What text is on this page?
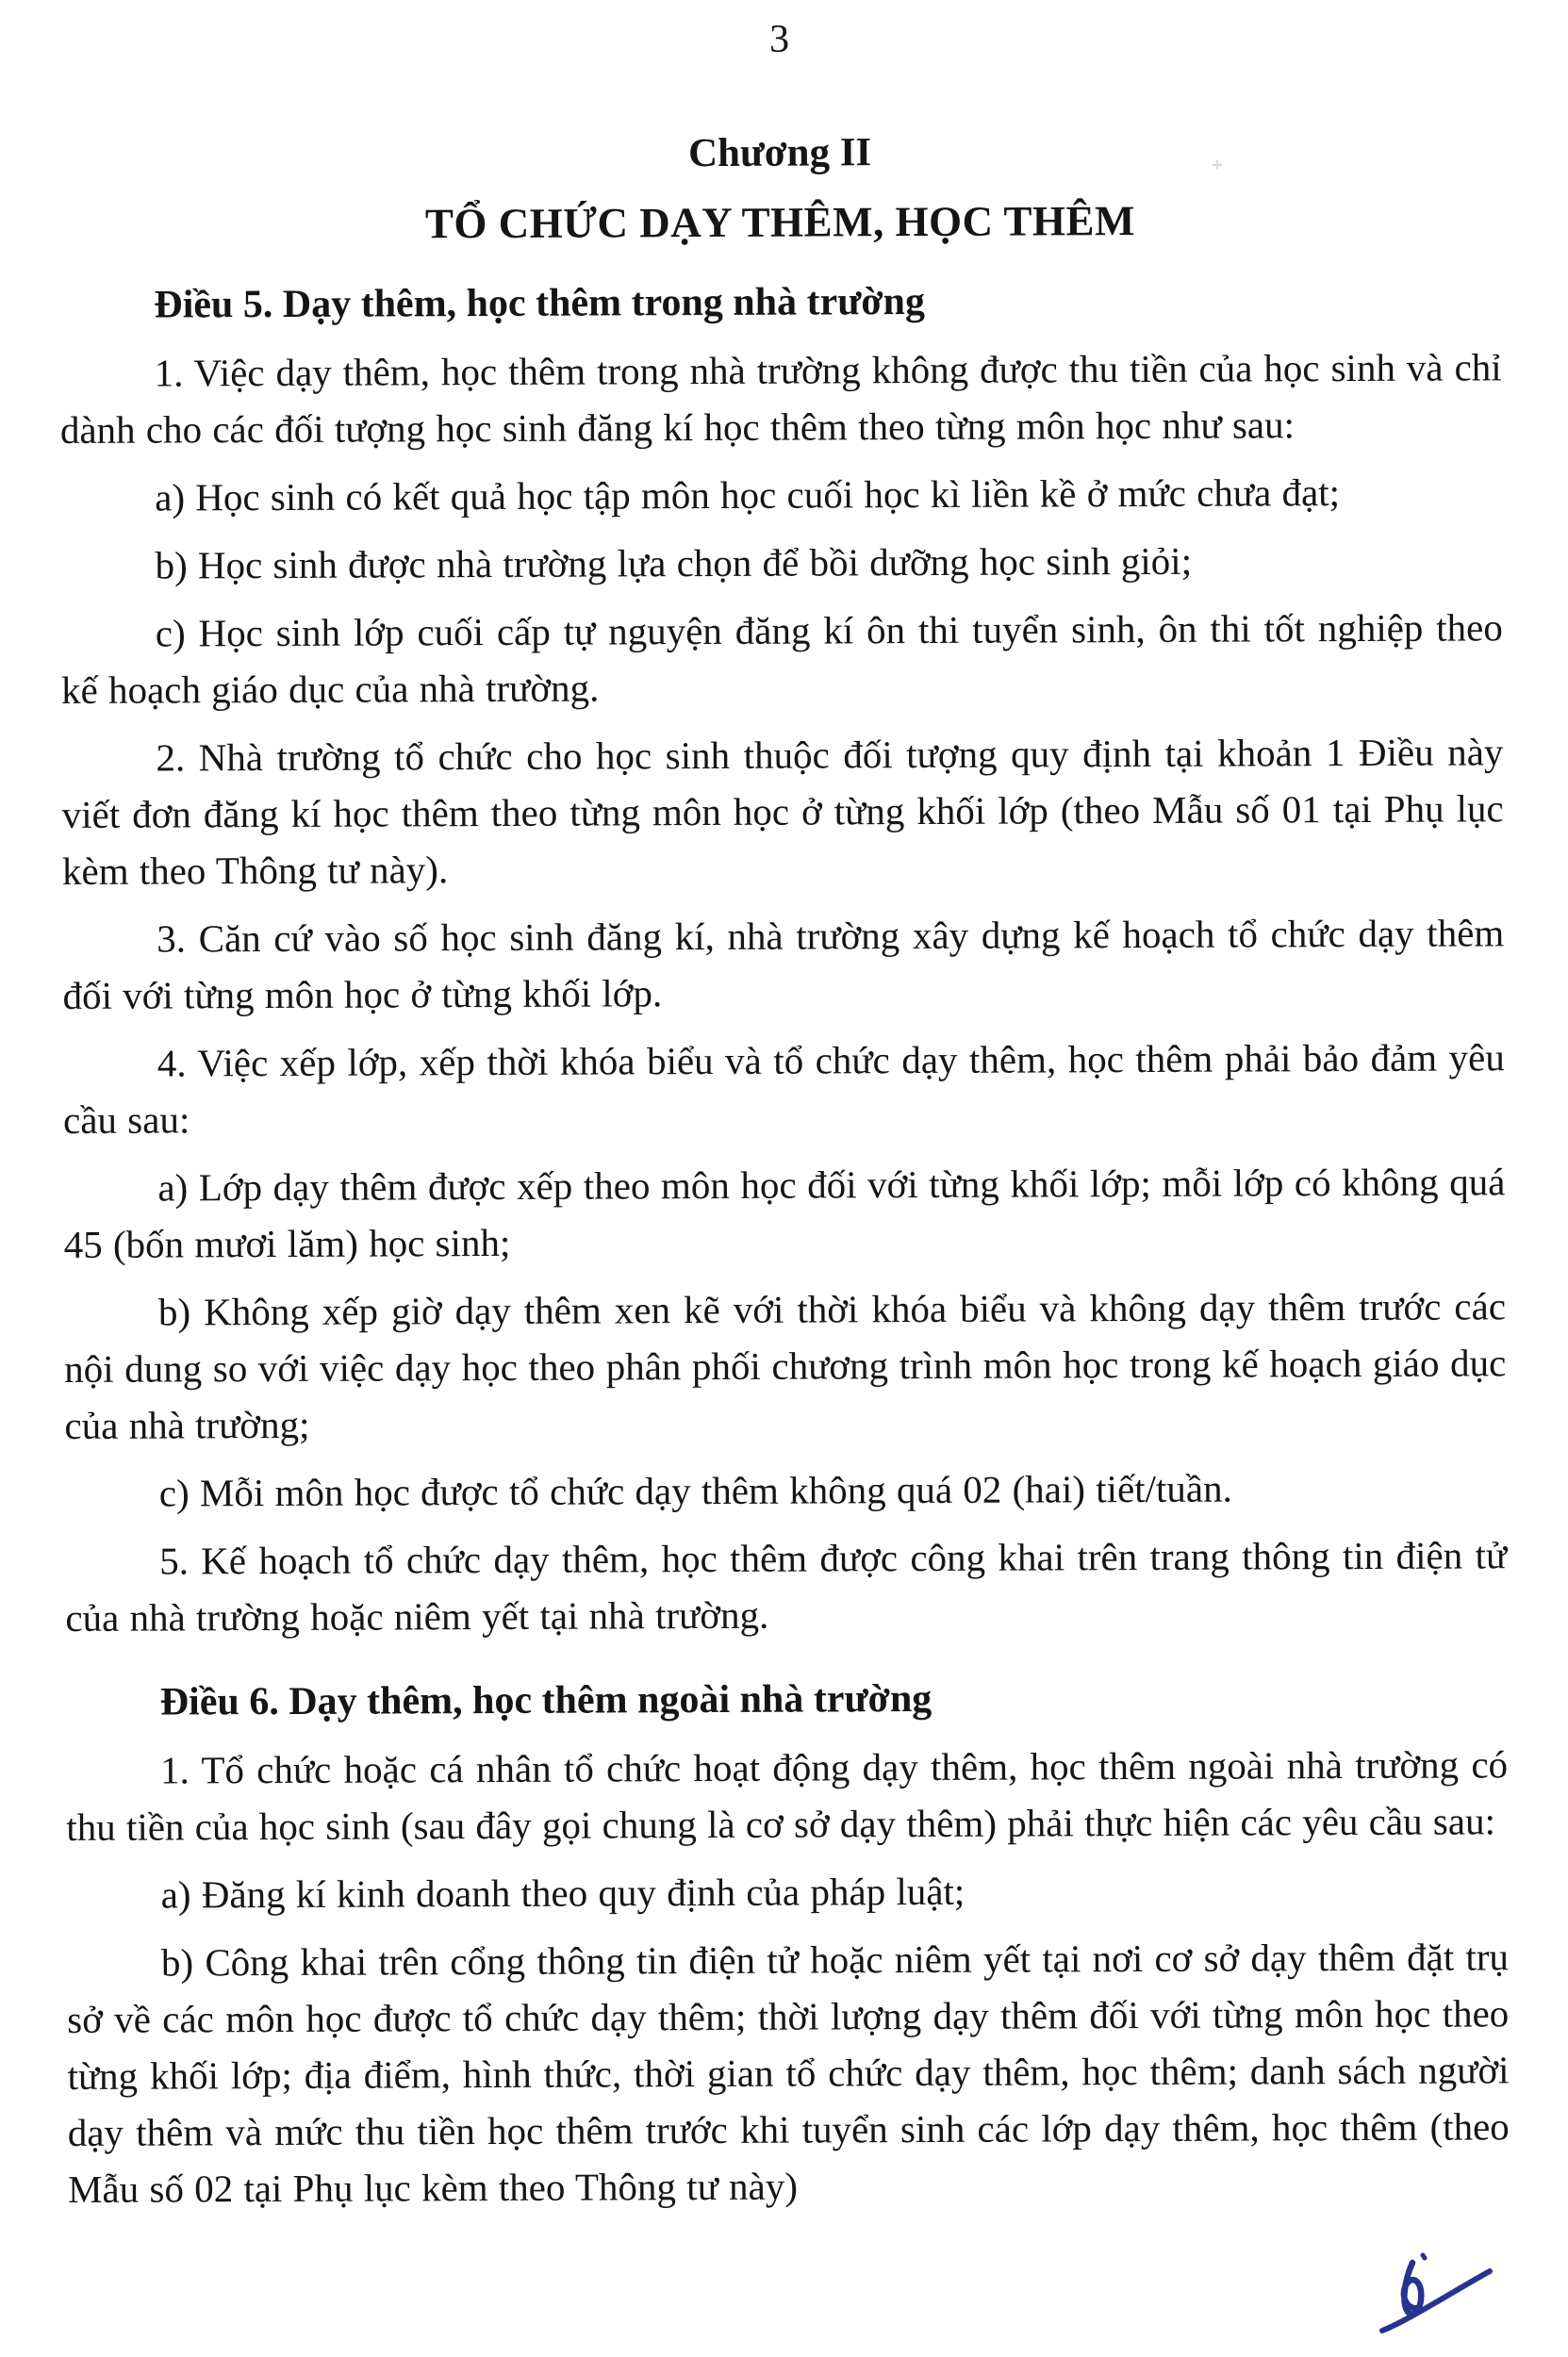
3
Chương II
TỔ CHỨC DẠY THÊM, HỌC THÊM
Điều 5. Dạy thêm, học thêm trong nhà trường

1. Việc dạy thêm, học thêm trong nhà trường không được thu tiền của học sinh và chỉ dành cho các đối tượng học sinh đăng kí học thêm theo từng môn học như sau:

a) Học sinh có kết quả học tập môn học cuối học kì liền kề ở mức chưa đạt;

b) Học sinh được nhà trường lựa chọn để bồi dưỡng học sinh giỏi;

c) Học sinh lớp cuối cấp tự nguyện đăng kí ôn thi tuyển sinh, ôn thi tốt nghiệp theo kế hoạch giáo dục của nhà trường.

2. Nhà trường tổ chức cho học sinh thuộc đối tượng quy định tại khoản 1 Điều này viết đơn đăng kí học thêm theo từng môn học ở từng khối lớp (theo Mẫu số 01 tại Phụ lục kèm theo Thông tư này).

3. Căn cứ vào số học sinh đăng kí, nhà trường xây dựng kế hoạch tổ chức dạy thêm đối với từng môn học ở từng khối lớp.

4. Việc xếp lớp, xếp thời khóa biểu và tổ chức dạy thêm, học thêm phải bảo đảm yêu cầu sau:

a) Lớp dạy thêm được xếp theo môn học đối với từng khối lớp; mỗi lớp có không quá 45 (bốn mươi lăm) học sinh;

b) Không xếp giờ dạy thêm xen kẽ với thời khóa biểu và không dạy thêm trước các nội dung so với việc dạy học theo phân phối chương trình môn học trong kế hoạch giáo dục của nhà trường;

c) Mỗi môn học được tổ chức dạy thêm không quá 02 (hai) tiết/tuần.

5. Kế hoạch tổ chức dạy thêm, học thêm được công khai trên trang thông tin điện tử của nhà trường hoặc niêm yết tại nhà trường.

Điều 6. Dạy thêm, học thêm ngoài nhà trường

1. Tổ chức hoặc cá nhân tổ chức hoạt động dạy thêm, học thêm ngoài nhà trường có thu tiền của học sinh (sau đây gọi chung là cơ sở dạy thêm) phải thực hiện các yêu cầu sau:

a) Đăng kí kinh doanh theo quy định của pháp luật;

b) Công khai trên cổng thông tin điện tử hoặc niêm yết tại nơi cơ sở dạy thêm đặt trụ sở về các môn học được tổ chức dạy thêm; thời lượng dạy thêm đối với từng môn học theo từng khối lớp; địa điểm, hình thức, thời gian tổ chức dạy thêm, học thêm; danh sách người dạy thêm và mức thu tiền học thêm trước khi tuyển sinh các lớp dạy thêm, học thêm (theo Mẫu số 02 tại Phụ lục kèm theo Thông tư này)
